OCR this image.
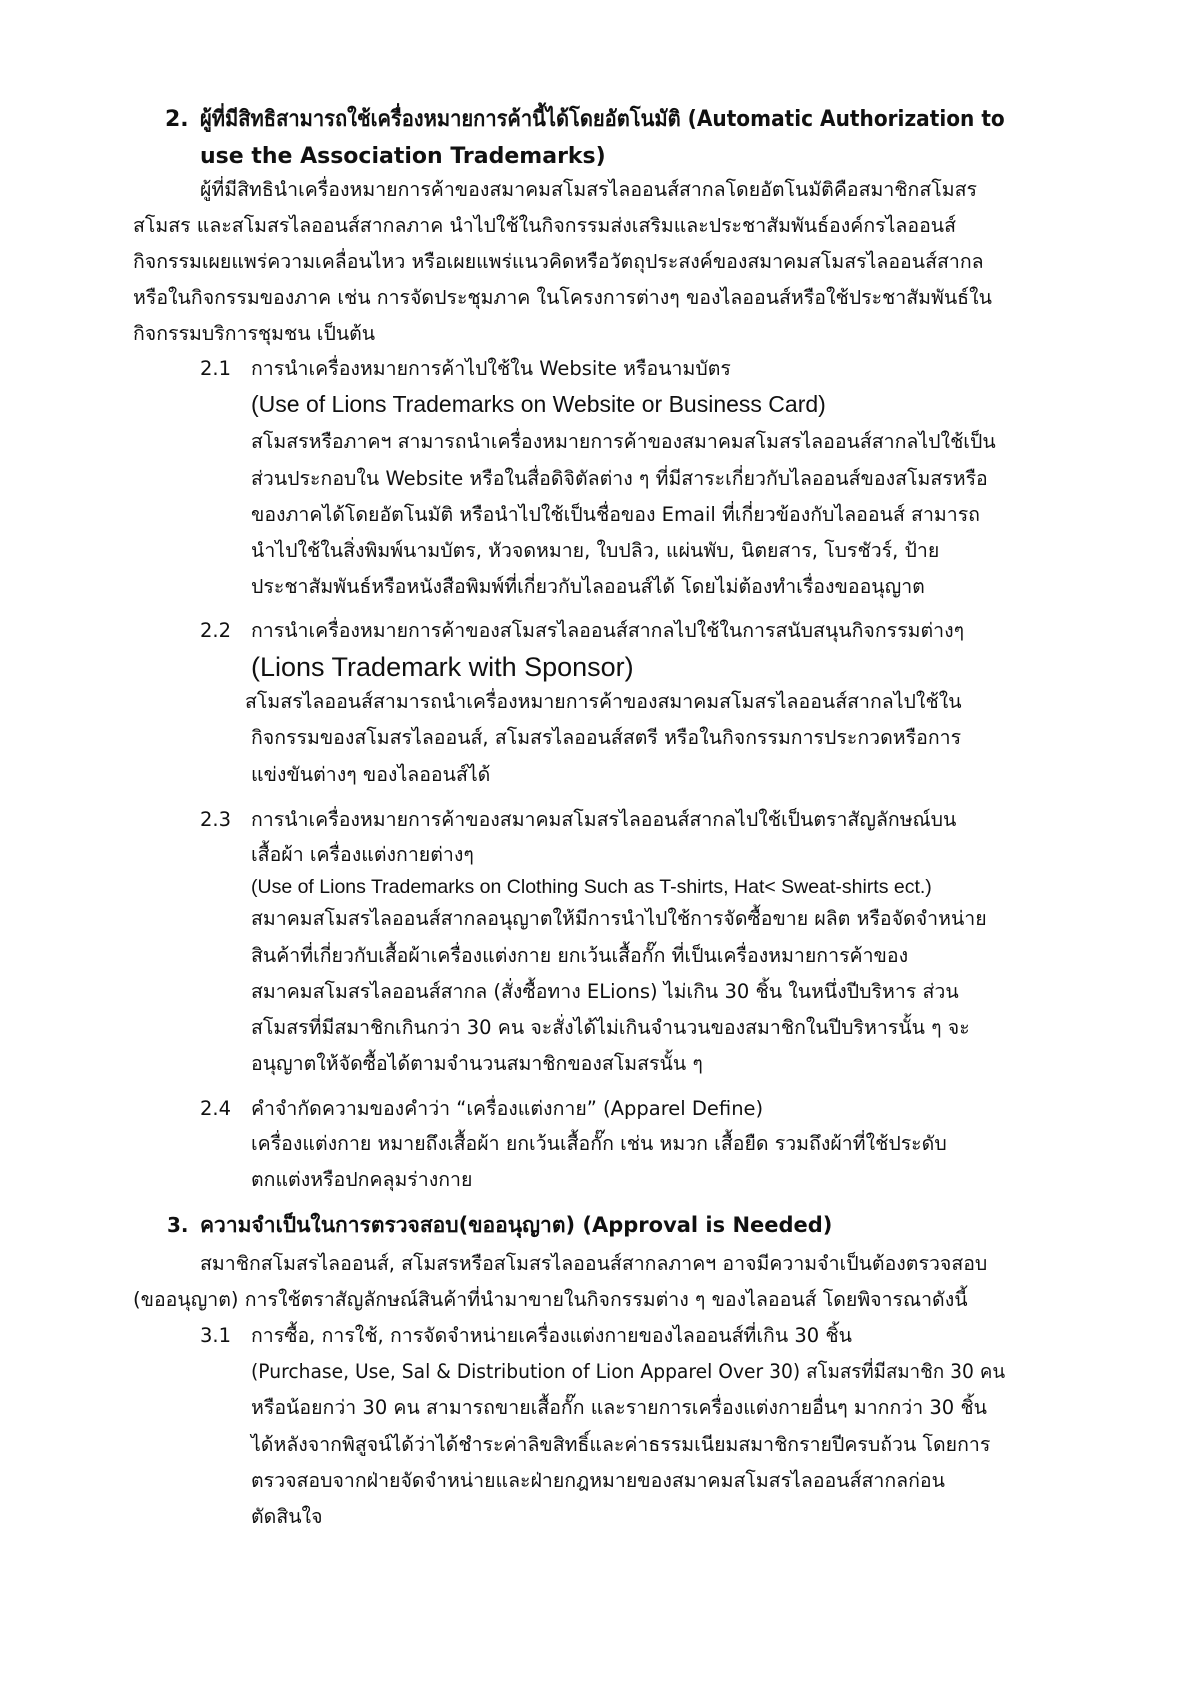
2. ผู้ที่มีสิทธิสามารถใช้เครื่องหมายการค้านี้ได้โดยอัตโนมัติ (Automatic Authorization to
use the Association Trademarks)
ผู้ที่มีสิทธินำเครื่องหมายการค้าของสมาคมสโมสรไลออนส์สากลโดยอัตโนมัติคือสมาชิกสโมสร
สโมสร และสโมสรไลออนส์สากลภาค นำไปใช้ในกิจกรรมส่งเสริมและประชาสัมพันธ์องค์กรไลออนส์
กิจกรรมเผยแพร่ความเคลื่อนไหว หรือเผยแพร่แนวคิดหรือวัตถุประสงค์ของสมาคมสโมสรไลออนส์สากล
หรือในกิจกรรมของภาค เช่น การจัดประชุมภาค ในโครงการต่างๆ ของไลออนส์หรือใช้ประชาสัมพันธ์ใน
กิจกรรมบริการชุมชน เป็นต้น
2.1 การนำเครื่องหมายการค้าไปใช้ใน Website หรือนามบัตร
(Use of Lions Trademarks on Website or Business Card)
สโมสรหรือภาคฯ สามารถนำเครื่องหมายการค้าของสมาคมสโมสรไลออนส์สากลไปใช้เป็น
ส่วนประกอบใน Website หรือในสื่อดิจิตัลต่าง ๆ ที่มีสาระเกี่ยวกับไลออนส์ของสโมสรหรือ
ของภาคได้โดยอัตโนมัติ หรือนำไปใช้เป็นชื่อของ Email ที่เกี่ยวข้องกับไลออนส์ สามารถ
นำไปใช้ในสิ่งพิมพ์นามบัตร, หัวจดหมาย, ใบปลิว, แผ่นพับ, นิตยสาร, โบรชัวร์, ป้าย
ประชาสัมพันธ์หรือหนังสือพิมพ์ที่เกี่ยวกับไลออนส์ได้ โดยไม่ต้องทำเรื่องขออนุญาต
2.2 การนำเครื่องหมายการค้าของสโมสรไลออนส์สากลไปใช้ในการสนับสนุนกิจกรรมต่างๆ
(Lions Trademark with Sponsor)
สโมสรไลออนส์สามารถนำเครื่องหมายการค้าของสมาคมสโมสรไลออนส์สากลไปใช้ใน
กิจกรรมของสโมสรไลออนส์, สโมสรไลออนส์สตรี หรือในกิจกรรมการประกวดหรือการ
แข่งขันต่างๆ ของไลออนส์ได้
2.3 การนำเครื่องหมายการค้าของสมาคมสโมสรไลออนส์สากลไปใช้เป็นตราสัญลักษณ์บน
เสื้อผ้า เครื่องแต่งกายต่างๆ
(Use of Lions Trademarks on Clothing Such as T-shirts, Hat< Sweat-shirts ect.)
สมาคมสโมสรไลออนส์สากลอนุญาตให้มีการนำไปใช้การจัดซื้อขาย ผลิต หรือจัดจำหน่าย
สินค้าที่เกี่ยวกับเสื้อผ้าเครื่องแต่งกาย ยกเว้นเสื้อกั๊ก ที่เป็นเครื่องหมายการค้าของ
สมาคมสโมสรไลออนส์สากล (สั่งซื้อทาง ELions) ไม่เกิน 30 ชิ้น ในหนึ่งปีบริหาร ส่วน
สโมสรที่มีสมาชิกเกินกว่า 30 คน จะสั่งได้ไม่เกินจำนวนของสมาชิกในปีบริหารนั้น ๆ จะ
อนุญาตให้จัดซื้อได้ตามจำนวนสมาชิกของสโมสรนั้น ๆ
2.4 คำจำกัดความของคำว่า “เครื่องแต่งกาย” (Apparel Define)
เครื่องแต่งกาย หมายถึงเสื้อผ้า ยกเว้นเสื้อกั๊ก เช่น หมวก เสื้อยืด รวมถึงผ้าที่ใช้ประดับ
ตกแต่งหรือปกคลุมร่างกาย
3. ความจำเป็นในการตรวจสอบ(ขออนุญาต) (Approval is Needed)
สมาชิกสโมสรไลออนส์, สโมสรหรือสโมสรไลออนส์สากลภาคฯ อาจมีความจำเป็นต้องตรวจสอบ
(ขออนุญาต) การใช้ตราสัญลักษณ์สินค้าที่นำมาขายในกิจกรรมต่าง ๆ ของไลออนส์ โดยพิจารณาดังนี้
3.1 การซื้อ, การใช้, การจัดจำหน่ายเครื่องแต่งกายของไลออนส์ที่เกิน 30 ชิ้น
(Purchase, Use, Sal & Distribution of Lion Apparel Over 30) สโมสรที่มีสมาชิก 30 คน
หรือน้อยกว่า 30 คน สามารถขายเสื้อกั๊ก และรายการเครื่องแต่งกายอื่นๆ มากกว่า 30 ชิ้น
ได้หลังจากพิสูจน์ได้ว่าได้ชำระค่าลิขสิทธิ์และค่าธรรมเนียมสมาชิกรายปีครบถ้วน โดยการ
ตรวจสอบจากฝ่ายจัดจำหน่ายและฝ่ายกฎหมายของสมาคมสโมสรไลออนส์สากลก่อน
ตัดสินใจ
